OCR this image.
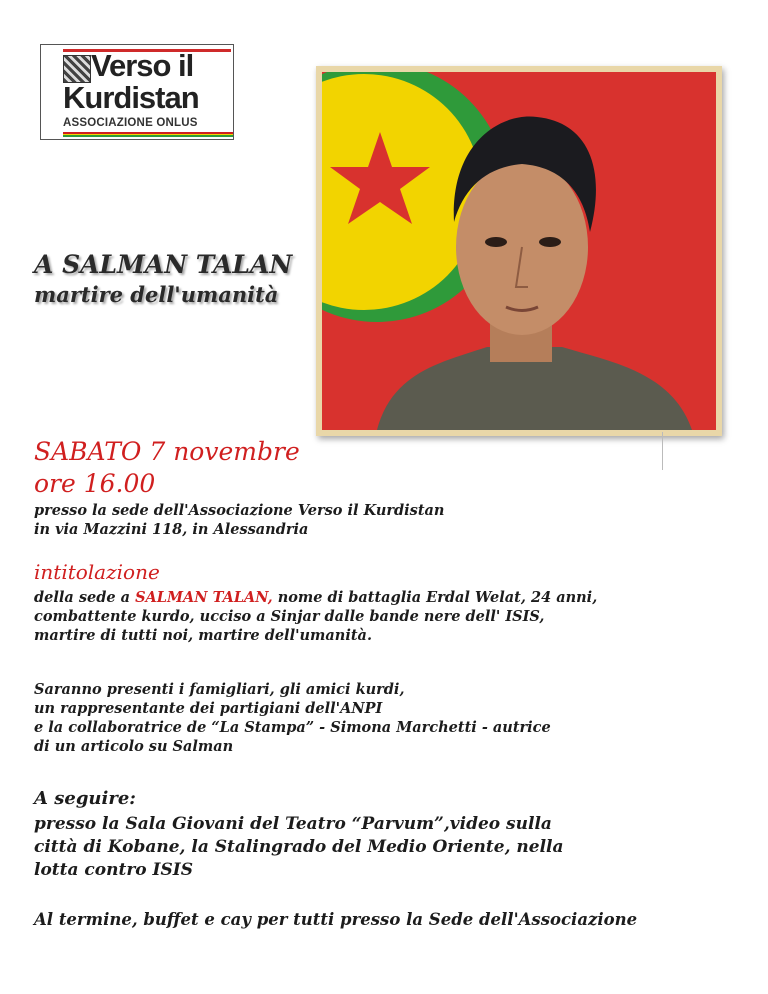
Verso il
Kurdistan
ASSOCIAZIONE ONLUS
A SALMAN TALAN
martire dell'umanità
SABATO 7 novembre
ore 16.00
presso la sede dell'Associazione Verso il Kurdistan
in via Mazzini 118, in Alessandria
intitolazione
della sede a SALMAN TALAN, nome di battaglia Erdal Welat, 24 anni,
combattente kurdo, ucciso a Sinjar dalle bande nere dell' ISIS,
martire di tutti noi, martire dell'umanità.
Saranno presenti i famigliari, gli amici kurdi,
un rappresentante dei partigiani dell'ANPI
e la collaboratrice de “La Stampa” - Simona Marchetti - autrice
di un articolo su Salman
A seguire:
presso la Sala Giovani del Teatro “Parvum”,video sulla
città di Kobane, la Stalingrado del Medio Oriente, nella
lotta contro ISIS
Al termine, buffet e cay per tutti presso la Sede dell'Associazione
